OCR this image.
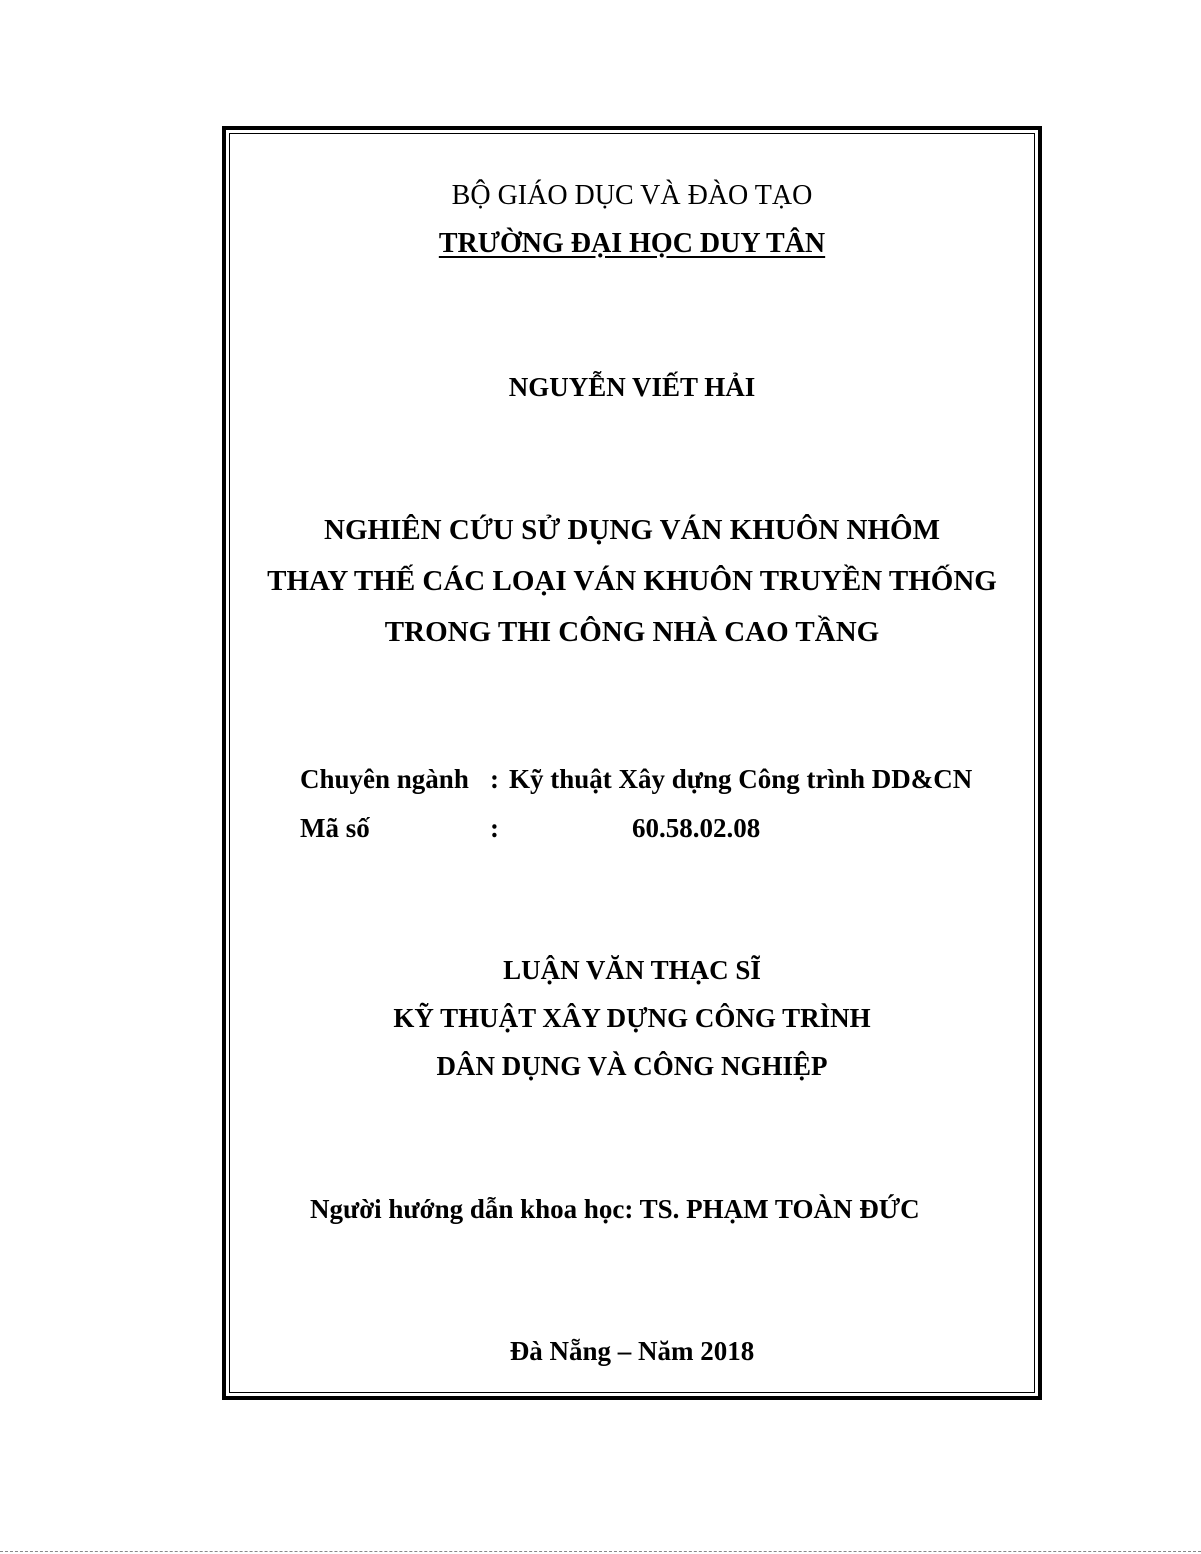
BỘ GIÁO DỤC VÀ ĐÀO TẠO
TRƯỜNG ĐẠI HỌC DUY TÂN
NGUYỄN VIẾT HẢI
NGHIÊN CỨU SỬ DỤNG VÁN KHUÔN NHÔM
THAY THẾ CÁC LOẠI VÁN KHUÔN TRUYỀN THỐNG
TRONG THI CÔNG NHÀ CAO TẦNG
Chuyên ngành : Kỹ thuật Xây dựng Công trình DD&CN
Mã số	:	60.58.02.08
LUẬN VĂN THẠC SĨ
KỸ THUẬT XÂY DỰNG CÔNG TRÌNH
DÂN DỤNG VÀ CÔNG NGHIỆP
Người hướng dẫn khoa học: TS. PHẠM TOÀN ĐỨC
Đà Nẵng – Năm 2018
